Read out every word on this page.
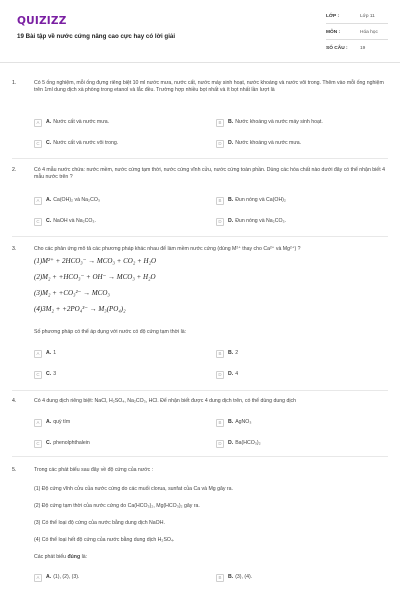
QUIZIZZ
19 Bài tập về nước cứng nâng cao cực hay có lời giải
LỚP :	Lớp 11
MÔN :	Hóa học
SỐ CÂU :	19
1.	Có 5 ống nghiệm, mỗi ống đựng riêng biệt 10 ml nước mưa, nước cất, nước máy sinh hoạt, nước khoáng và nước vôi trong. Thêm vào mỗi ống nghiệm trên 1ml dung dịch xà phòng trong etanol và lắc đều. Trường hợp nhiều bọt nhất và ít bọt nhất lần lượt là

A	A. Nước cất và nước mưa.	B	B. Nước khoáng và nước máy sinh hoạt.
C	C. Nước cất và nước vôi trong.	D	D. Nước khoáng và nước mưa.
2.	Có 4 mẫu nước chứa: nước mềm, nước cứng tạm thời, nước cứng vĩnh cửu, nước cứng toàn phần. Dùng các hóa chất nào dưới đây có thể nhận biết 4 mẫu nước trên ?

A	A. Ca(OH)₂ và Na₂CO₃	B	B. Đun nóng và Ca(OH)₂
C	C. NaOH và Na₂CO₃.	D	D. Đun nóng và Na₂CO₃.
3.	Cho các phản ứng mô tả các phương pháp khác nhau để làm mềm nước cứng (dùng M²⁺ thay cho Ca²⁺ và Mg²⁺) ?

(1)M²⁺ + 2HCO₃⁻ → MCO₃ + CO₂ + H₂O
(2)M₂ + +HCO₃⁻ + OH⁻ → MCO₃ + H₂O
(3)M₂ + +CO₃²⁻ → MCO₃
(4)3M₂ + +2PO₄³⁻ → M₃(PO₄)₂

Số phương pháp có thể áp dụng với nước có độ cứng tạm thời là:

A	A. 1	B	B. 2
C	C. 3	D	D. 4
4.	Có 4 dung dịch riêng biệt: NaCl, H₂SO₄, Na₂CO₃, HCl. Để nhận biết được 4 dung dịch trên, có thể dùng dung dịch

A	A. quỳ tím	B	B. AgNO₃
C	C. phenolphthalein	D	D. Ba(HCO₃)₂
5.	Trong các phát biểu sau đây về độ cứng của nước :

(1) Độ cứng vĩnh cửu của nước cứng do các muối clorua, sunfat của Ca và Mg gây ra.
(2) Độ cứng tạm thời của nước cứng do Ca(HCO₃)₂, Mg(HCO₃)₂ gây ra.
(3) Có thể loại độ cứng của nước bằng dung dịch NaOH.
(4) Có thể loại hết độ cứng của nước bằng dung dịch H₂SO₄.
Các phát biểu đúng là:
A	A. (1), (2), (3).	B	B. (3), (4).
